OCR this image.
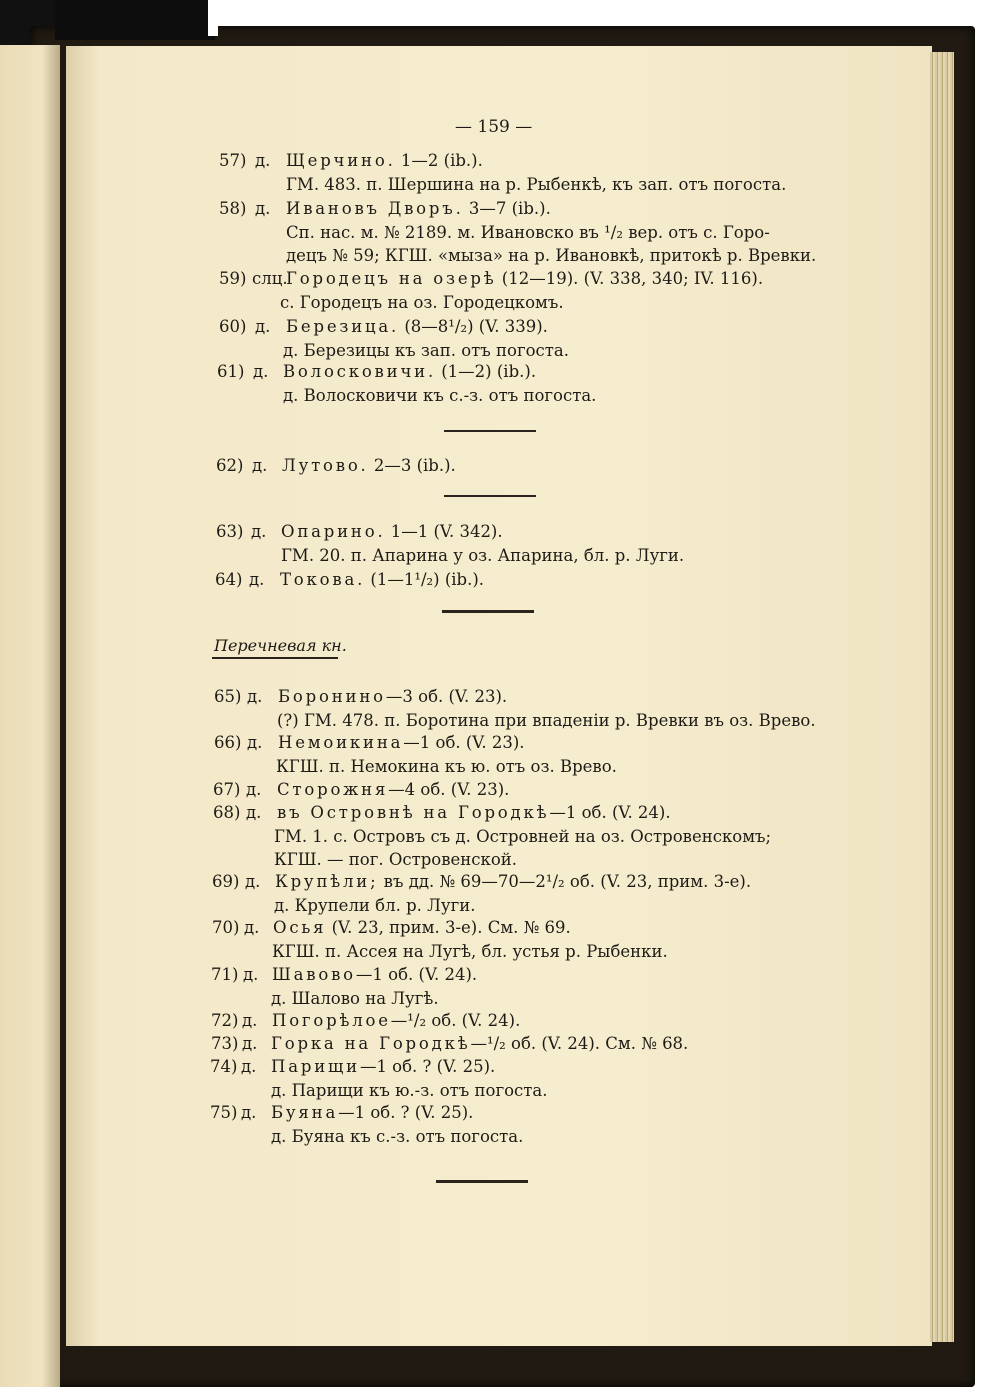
— 159 —
57) д. Щерчино. 1—2 (ib.).
ГМ. 483. п. Шершина на р. Рыбенкѣ, къ зап. отъ погоста.
58) д. Ивановъ Дворъ. 3—7 (ib.).
Сп. нас. м. № 2189. м. Ивановско въ ¹/₂ вер. отъ с. Горо-
децъ № 59; КГШ. «мыза» на р. Ивановкѣ, притокѣ р. Вревки.
59) слц.
Городецъ на озерѣ (12—19). (V. 338, 340; IV. 116).
с. Городецъ на оз. Городецкомъ.
60) д. Березица. (8—8¹/₂) (V. 339).
д. Березицы къ зап. отъ погоста.
61) д. Волосковичи. (1—2) (ib.).
д. Волосковичи къ с.-з. отъ погоста.
62) д. Лутово. 2—3 (ib.).
63) д. Опарино. 1—1 (V. 342).
ГМ. 20. п. Апарина у оз. Апарина, бл. р. Луги.
64) д. Токова. (1—1¹/₂) (ib.).
65) д. Боронино—3 об. (V. 23).
(?) ГМ. 478. п. Боротина при впаденіи р. Вревки въ оз. Врево.
66) д. Немоикина—1 об. (V. 23).
КГШ. п. Немокина къ ю. отъ оз. Врево.
67) д. Сторожня—4 об. (V. 23).
68) д. въ Островнѣ на Городкѣ—1 об. (V. 24).
ГМ. 1. с. Островъ съ д. Островней на оз. Островенскомъ;
КГШ. — пог. Островенской.
69) д. Крупѣли; въ дд. № 69—70—2¹/₂ об. (V. 23, прим. 3-е).
д. Крупели бл. р. Луги.
70) д. Осья (V. 23, прим. 3-е). См. № 69.
КГШ. п. Ассея на Лугѣ, бл. устья р. Рыбенки.
71) д. Шавово—1 об. (V. 24).
д. Шалово на Лугѣ.
72) д. Погорѣлое—¹/₂ об. (V. 24).
73) д. Горка на Городкѣ—¹/₂ об. (V. 24). См. № 68.
74) д. Парищи—1 об. ? (V. 25).
д. Парищи къ ю.-з. отъ погоста.
75) д. Буяна—1 об. ? (V. 25).
д. Буяна къ с.-з. отъ погоста.
Перечневая кн.
